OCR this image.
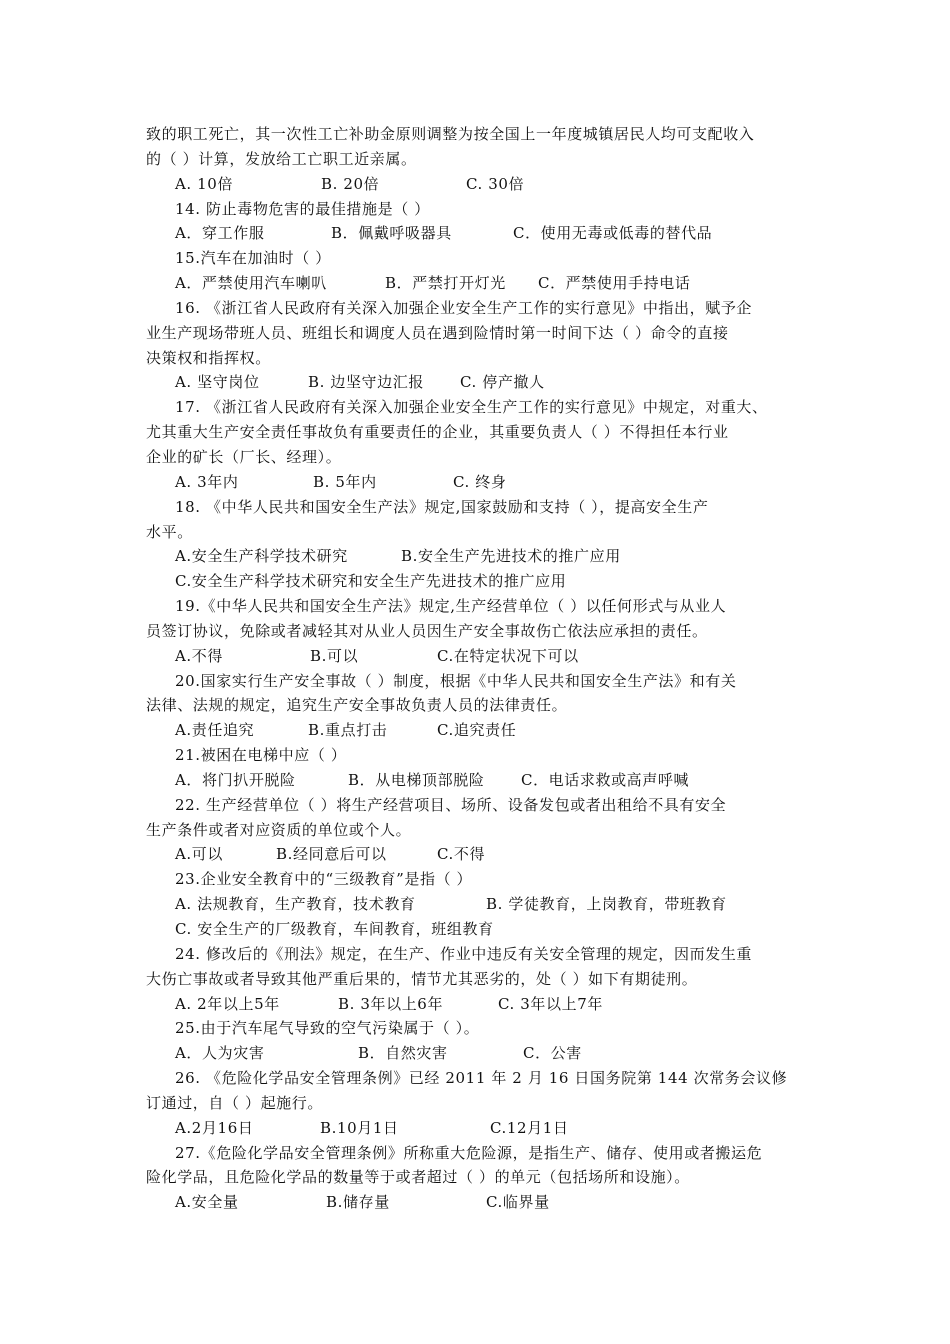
致的职工死亡，其一次性工亡补助金原则调整为按全国上一年度城镇居民人均可支配收入
的（ ）计算，发放给工亡职工近亲属。
A. 10倍	B. 20倍	C. 30倍
14. 防止毒物危害的最佳措施是（ ）
A．穿工作服	B．佩戴呼吸器具	C．使用无毒或低毒的替代品
15.汽车在加油时（ ）
A．严禁使用汽车喇叭	B．严禁打开灯光 C．严禁使用手持电话
16. 《浙江省人民政府有关深入加强企业安全生产工作的实行意见》中指出，赋予企
业生产现场带班人员、班组长和调度人员在遇到险情时第一时间下达（ ）命令的直接
决策权和指挥权。
A. 坚守岗位	B. 边坚守边汇报 C. 停产撤人
17. 《浙江省人民政府有关深入加强企业安全生产工作的实行意见》中规定，对重大、
尤其重大生产安全责任事故负有重要责任的企业，其重要负责人（ ）不得担任本行业
企业的矿长（厂长、经理）。
A. 3年内	B. 5年内	C. 终身
18. 《中华人民共和国安全生产法》规定,国家鼓励和支持（ ），提高安全生产
水平。
A.安全生产科学技术研究	B.安全生产先进技术的推广应用
C.安全生产科学技术研究和安全生产先进技术的推广应用
19.《中华人民共和国安全生产法》规定,生产经营单位（ ）以任何形式与从业人
员签订协议，免除或者减轻其对从业人员因生产安全事故伤亡依法应承担的责任。
A.不得	B.可以	C.在特定状况下可以
20.国家实行生产安全事故（ ）制度，根据《中华人民共和国安全生产法》和有关
法律、法规的规定，追究生产安全事故负责人员的法律责任。
A.责任追究	B.重点打击	C.追究责任
21.被困在电梯中应（ ）
A．将门扒开脱险	B．从电梯顶部脱险 C．电话求救或高声呼喊
22. 生产经营单位（ ）将生产经营项目、场所、设备发包或者出租给不具有安全
生产条件或者对应资质的单位或个人。
A.可以	B.经同意后可以	C.不得
23.企业安全教育中的“三级教育”是指（ ）
A. 法规教育，生产教育，技术教育	B. 学徒教育，上岗教育，带班教育
C. 安全生产的厂级教育，车间教育，班组教育
24. 修改后的《刑法》规定，在生产、作业中违反有关安全管理的规定，因而发生重
大伤亡事故或者导致其他严重后果的，情节尤其恶劣的，处（ ）如下有期徒刑。
A. 2年以上5年	B. 3年以上6年	C. 3年以上7年
25.由于汽车尾气导致的空气污染属于（ ）。
A．人为灾害	B．自然灾害	C．公害
26. 《危险化学品安全管理条例》已经 2011 年 2 月 16 日国务院第 144 次常务会议修
订通过，自（ ）起施行。
A.2月16日	B.10月1日	C.12月1日
27.《危险化学品安全管理条例》所称重大危险源，是指生产、储存、使用或者搬运危
险化学品，且危险化学品的数量等于或者超过（ ）的单元（包括场所和设施）。
A.安全量	B.储存量	C.临界量
